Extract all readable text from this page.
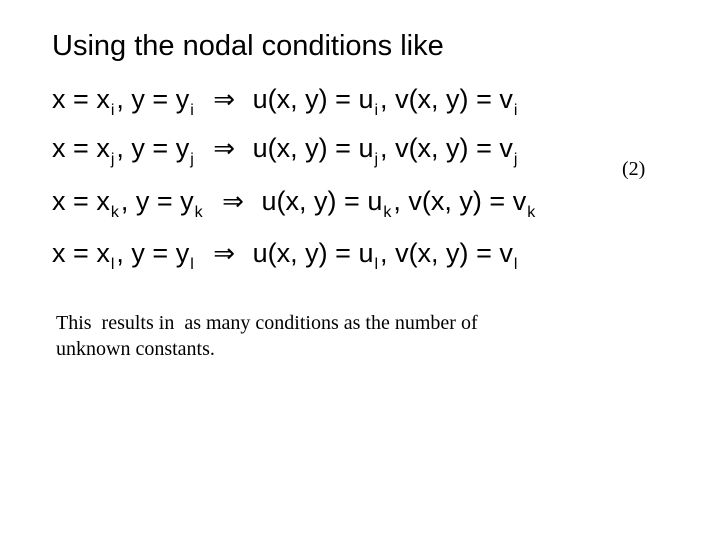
Using the nodal conditions like
$x = x_i$, $y = y_i$ ⇒ u(x, $y) = u_i$, v(x, $y) = v_i$
$x = x_j$, $y = y_j$ ⇒ u(x, $y) = u_j$, v(x, $y) = v_j$	(2)
$x = x_k$, $y = y_k$ ⇒ u(x, $y) = u_k$, v(x, $y) = v_k$
$x = x_l$, $y = y_l$ ⇒ u(x, $y) = u_l$, v(x, $y) = v_l$
This  results in  as many conditions as the number of
unknown constants.
